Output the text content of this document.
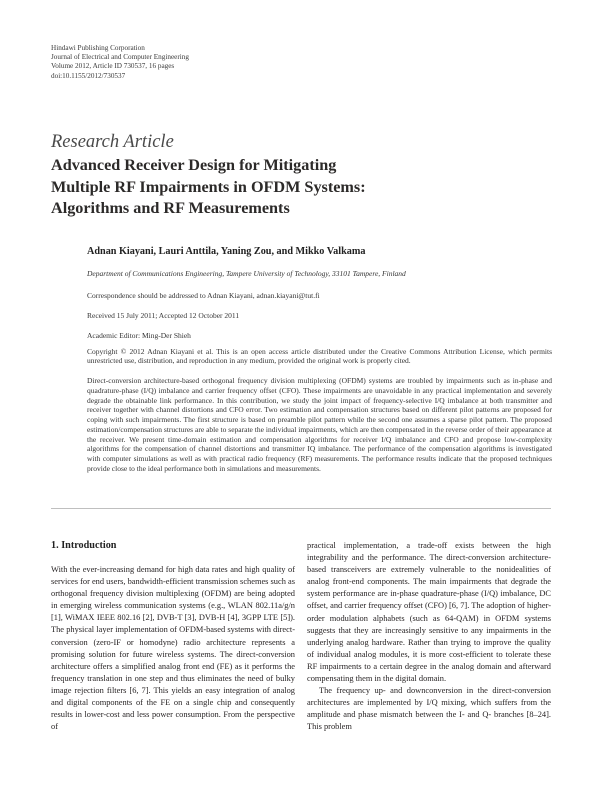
Hindawi Publishing Corporation
Journal of Electrical and Computer Engineering
Volume 2012, Article ID 730537, 16 pages
doi:10.1155/2012/730537
Research Article
Advanced Receiver Design for Mitigating
Multiple RF Impairments in OFDM Systems:
Algorithms and RF Measurements
Adnan Kiayani, Lauri Anttila, Yaning Zou, and Mikko Valkama
Department of Communications Engineering, Tampere University of Technology, 33101 Tampere, Finland
Correspondence should be addressed to Adnan Kiayani, adnan.kiayani@tut.fi
Received 15 July 2011; Accepted 12 October 2011
Academic Editor: Ming-Der Shieh
Copyright © 2012 Adnan Kiayani et al. This is an open access article distributed under the Creative Commons Attribution License, which permits unrestricted use, distribution, and reproduction in any medium, provided the original work is properly cited.
Direct-conversion architecture-based orthogonal frequency division multiplexing (OFDM) systems are troubled by impairments such as in-phase and quadrature-phase (I/Q) imbalance and carrier frequency offset (CFO). These impairments are unavoidable in any practical implementation and severely degrade the obtainable link performance. In this contribution, we study the joint impact of frequency-selective I/Q imbalance at both transmitter and receiver together with channel distortions and CFO error. Two estimation and compensation structures based on different pilot patterns are proposed for coping with such impairments. The first structure is based on preamble pilot pattern while the second one assumes a sparse pilot pattern. The proposed estimation/compensation structures are able to separate the individual impairments, which are then compensated in the reverse order of their appearance at the receiver. We present time-domain estimation and compensation algorithms for receiver I/Q imbalance and CFO and propose low-complexity algorithms for the compensation of channel distortions and transmitter IQ imbalance. The performance of the compensation algorithms is investigated with computer simulations as well as with practical radio frequency (RF) measurements. The performance results indicate that the proposed techniques provide close to the ideal performance both in simulations and measurements.
1. Introduction

With the ever-increasing demand for high data rates and high quality of services for end users, bandwidth-efficient transmission schemes such as orthogonal frequency division multiplexing (OFDM) are being adopted in emerging wireless communication systems (e.g., WLAN 802.11a/g/n [1], WiMAX IEEE 802.16 [2], DVB-T [3], DVB-H [4], 3GPP LTE [5]). The physical layer implementation of OFDM-based systems with direct-conversion (zero-IF or homodyne) radio architecture represents a promising solution for future wireless systems. The direct-conversion architecture offers a simplified analog front end (FE) as it performs the frequency translation in one step and thus eliminates the need of bulky image rejection filters [6, 7]. This yields an easy integration of analog and digital components of the FE on a single chip and consequently results in lower-cost and less power consumption. From the perspective of

practical implementation, a trade-off exists between the high integrability and the performance. The direct-conversion architecture-based transceivers are extremely vulnerable to the nonidealities of analog front-end components. The main impairments that degrade the system performance are in-phase quadrature-phase (I/Q) imbalance, DC offset, and carrier frequency offset (CFO) [6, 7]. The adoption of higher-order modulation alphabets (such as 64-QAM) in OFDM systems suggests that they are increasingly sensitive to any impairments in the underlying analog hardware. Rather than trying to improve the quality of individual analog modules, it is more cost-efficient to tolerate these RF impairments to a certain degree in the analog domain and afterward compensating them in the digital domain.

The frequency up- and downconversion in the direct-conversion architectures are implemented by I/Q mixing, which suffers from the amplitude and phase mismatch between the I- and Q- branches [8–24]. This problem
